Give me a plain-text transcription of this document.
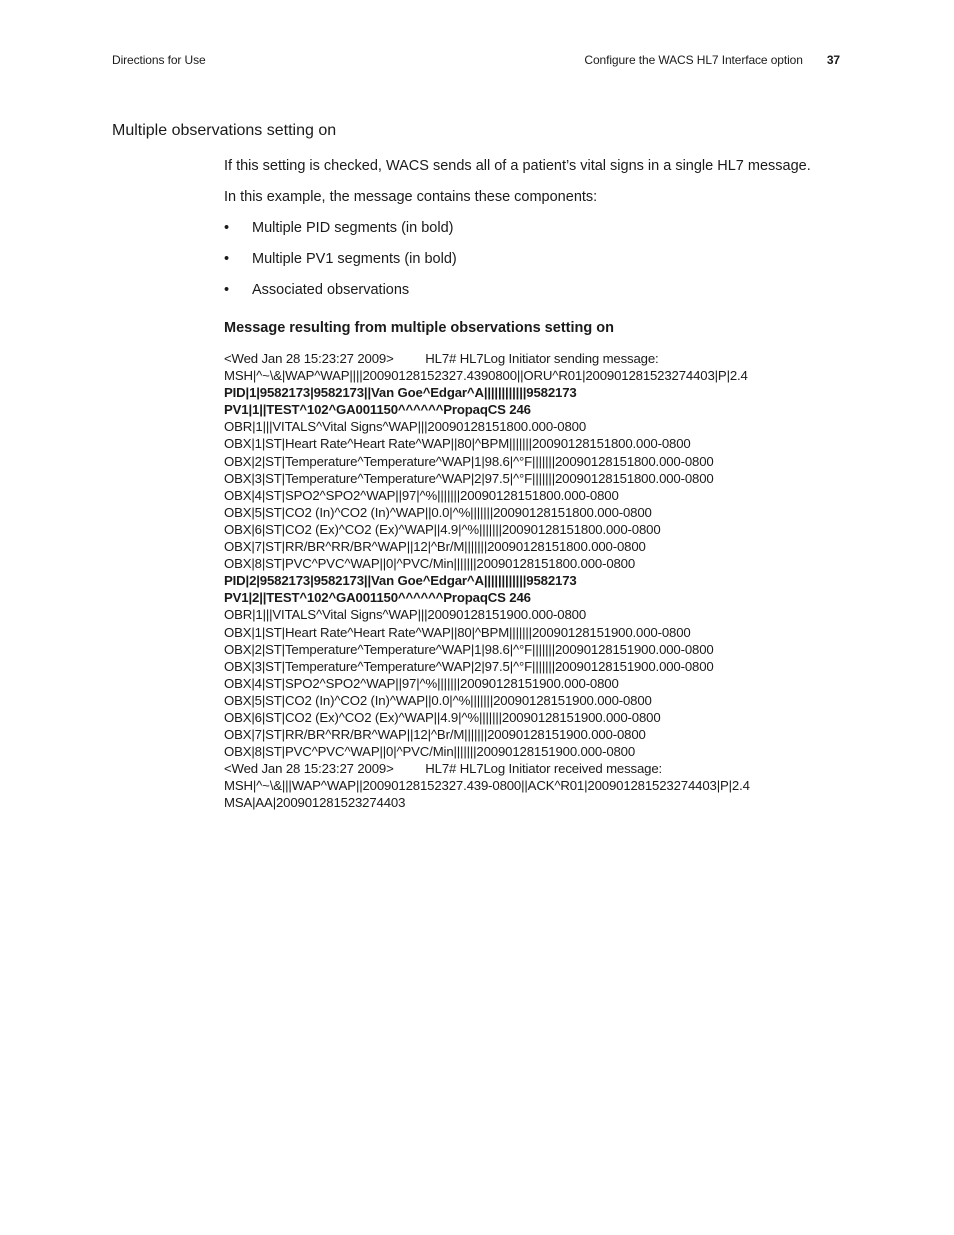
Directions for Use	Configure the WACS HL7 Interface option 37
Multiple observations setting on

If this setting is checked, WACS sends all of a patient’s vital signs in a single HL7 message.

In this example, the message contains these components:

• Multiple PID segments (in bold)
• Multiple PV1 segments (in bold)
• Associated observations
Message resulting from multiple observations setting on
<Wed Jan 28 15:23:27 2009>         HL7# HL7Log Initiator sending message:
MSH|^~\&|WAP^WAP||||20090128152327.4390800||ORU^R01|200901281523274403|P|2.4
PID|1|9582173|9582173||Van Goe^Edgar^A||||||||||||9582173
PV1|1||TEST^102^GA001150^^^^^^PropaqCS 246
OBR|1|||VITALS^Vital Signs^WAP|||20090128151800.000-0800
OBX|1|ST|Heart Rate^Heart Rate^WAP||80|^BPM|||||||20090128151800.000-0800
OBX|2|ST|Temperature^Temperature^WAP|1|98.6|^°F|||||||20090128151800.000-0800
OBX|3|ST|Temperature^Temperature^WAP|2|97.5|^°F|||||||20090128151800.000-0800
OBX|4|ST|SPO2^SPO2^WAP||97|^%|||||||20090128151800.000-0800
OBX|5|ST|CO2 (In)^CO2 (In)^WAP||0.0|^%|||||||20090128151800.000-0800
OBX|6|ST|CO2 (Ex)^CO2 (Ex)^WAP||4.9|^%|||||||20090128151800.000-0800
OBX|7|ST|RR/BR^RR/BR^WAP||12|^Br/M|||||||20090128151800.000-0800
OBX|8|ST|PVC^PVC^WAP||0|^PVC/Min|||||||20090128151800.000-0800
PID|2|9582173|9582173||Van Goe^Edgar^A||||||||||||9582173
PV1|2||TEST^102^GA001150^^^^^^PropaqCS 246
OBR|1|||VITALS^Vital Signs^WAP|||20090128151900.000-0800
OBX|1|ST|Heart Rate^Heart Rate^WAP||80|^BPM|||||||20090128151900.000-0800
OBX|2|ST|Temperature^Temperature^WAP|1|98.6|^°F|||||||20090128151900.000-0800
OBX|3|ST|Temperature^Temperature^WAP|2|97.5|^°F|||||||20090128151900.000-0800
OBX|4|ST|SPO2^SPO2^WAP||97|^%|||||||20090128151900.000-0800
OBX|5|ST|CO2 (In)^CO2 (In)^WAP||0.0|^%|||||||20090128151900.000-0800
OBX|6|ST|CO2 (Ex)^CO2 (Ex)^WAP||4.9|^%|||||||20090128151900.000-0800
OBX|7|ST|RR/BR^RR/BR^WAP||12|^Br/M|||||||20090128151900.000-0800
OBX|8|ST|PVC^PVC^WAP||0|^PVC/Min|||||||20090128151900.000-0800
<Wed Jan 28 15:23:27 2009>         HL7# HL7Log Initiator received message:
MSH|^~\&|||WAP^WAP||20090128152327.439-0800||ACK^R01|200901281523274403|P|2.4
MSA|AA|200901281523274403
